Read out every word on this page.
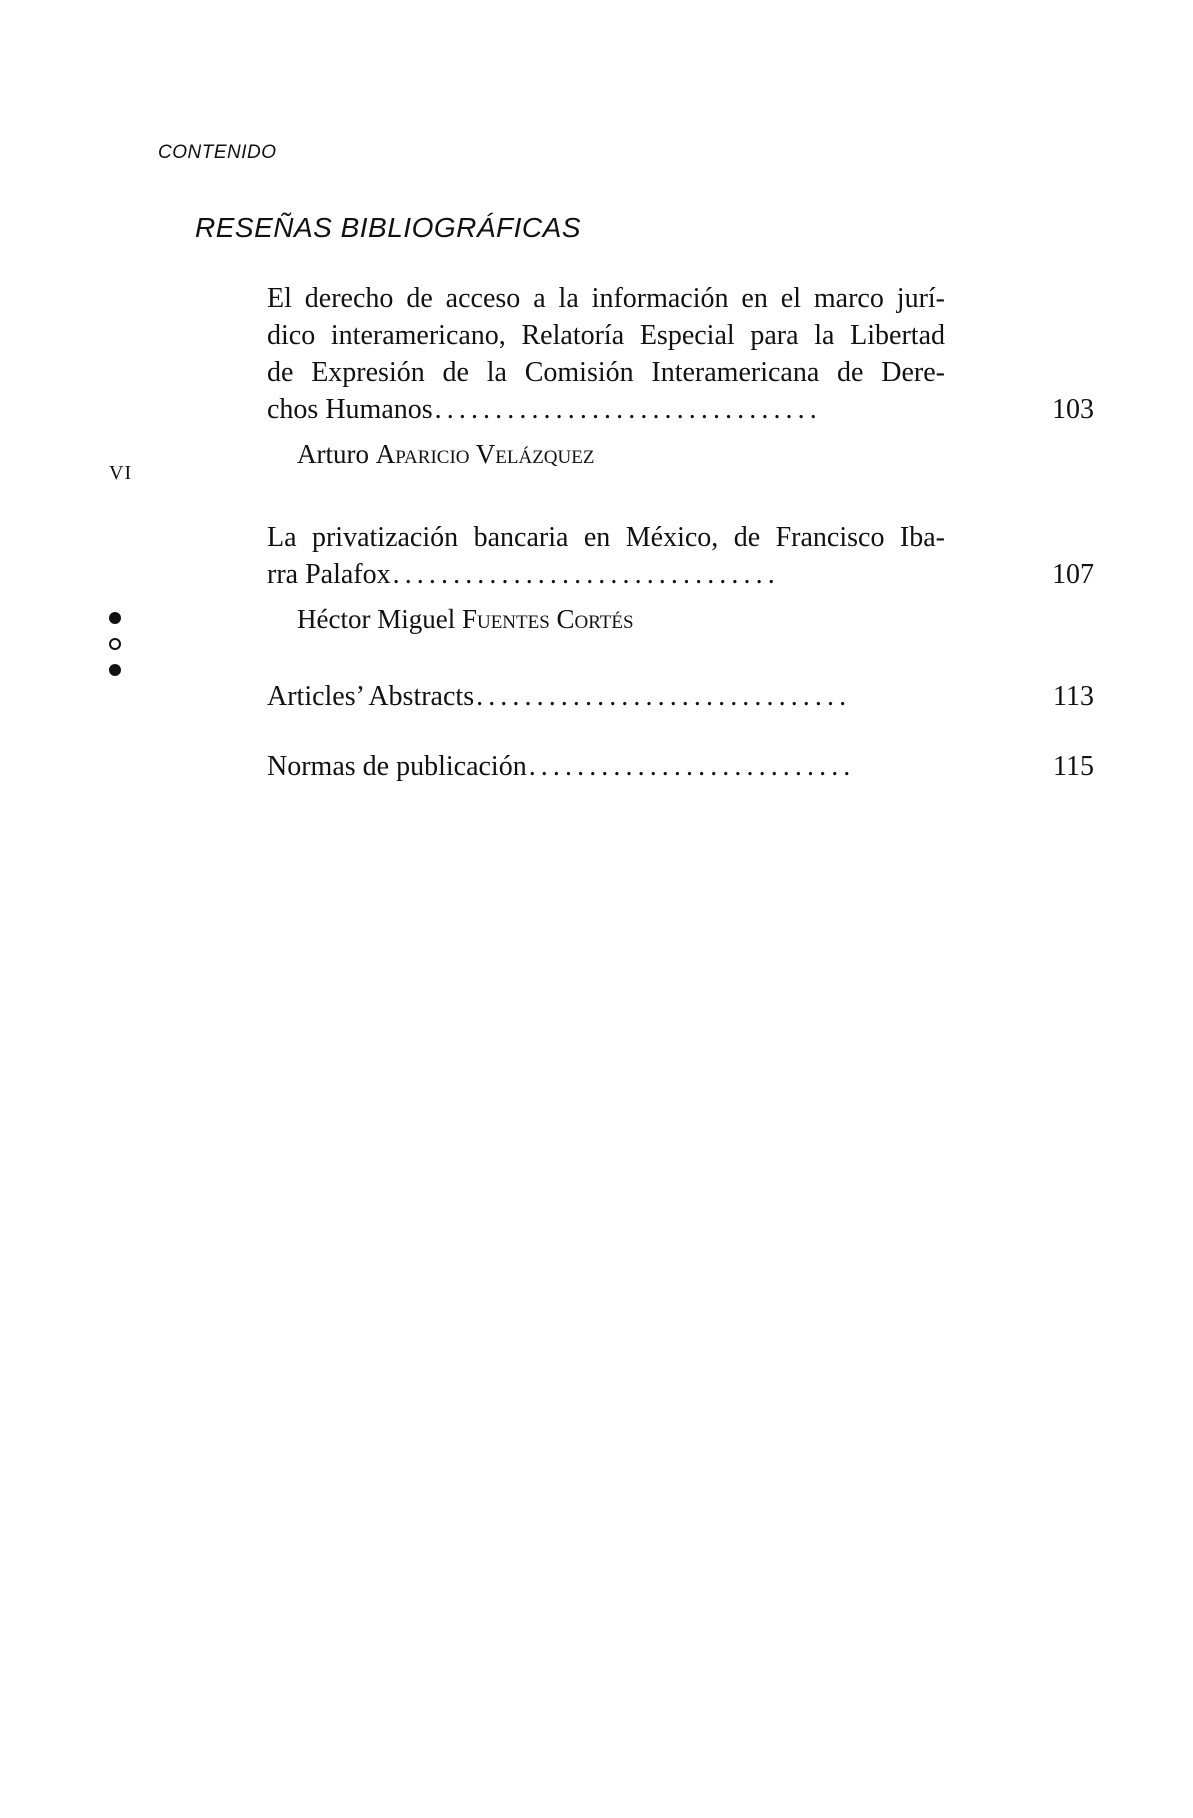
CONTENIDO
RESEÑAS BIBLIOGRÁFICAS
VI
El derecho de acceso a la información en el marco jurí-
dico interamericano, Relatoría Especial para la Libertad
de Expresión de la Comisión Interamericana de Dere-
chos Humanos ................................	103
Arturo Aparicio Velázquez
La privatización bancaria en México, de Francisco Iba-
rra Palafox ................................	107
Héctor Miguel Fuentes Cortés
Articles’ Abstracts ...............................	113
Normas de publicación ...........................	115
